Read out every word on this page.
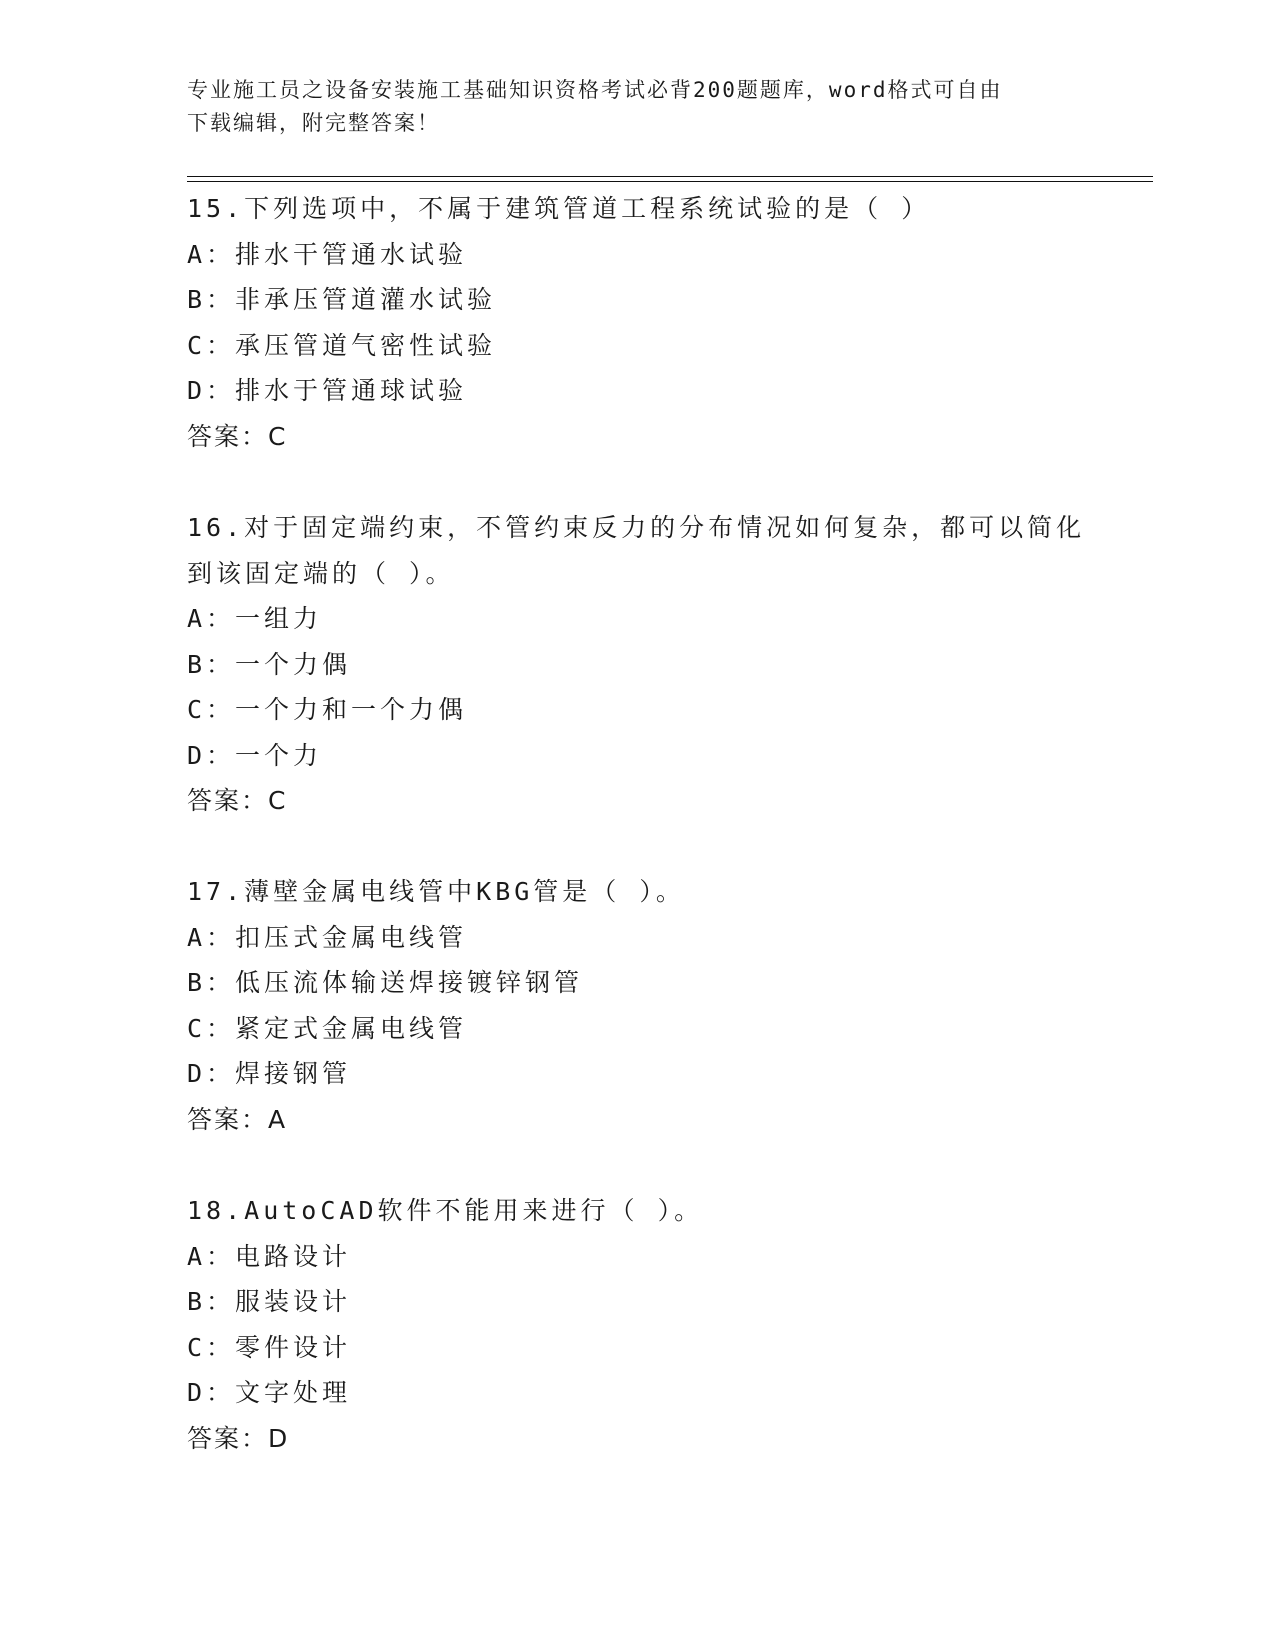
专业施工员之设备安装施工基础知识资格考试必背200题题库，word格式可自由
下载编辑，附完整答案！
15.下列选项中，不属于建筑管道工程系统试验的是（ ）
A：排水干管通水试验
B：非承压管道灌水试验
C：承压管道气密性试验
D：排水于管通球试验
答案：C
16.对于固定端约束，不管约束反力的分布情况如何复杂，都可以简化
到该固定端的（ ）。
A：一组力
B：一个力偶
C：一个力和一个力偶
D：一个力
答案：C
17.薄壁金属电线管中KBG管是（ ）。
A：扣压式金属电线管
B：低压流体输送焊接镀锌钢管
C：紧定式金属电线管
D：焊接钢管
答案：A
18.AutoCAD软件不能用来进行（ ）。
A：电路设计
B：服装设计
C：零件设计
D：文字处理
答案：D
